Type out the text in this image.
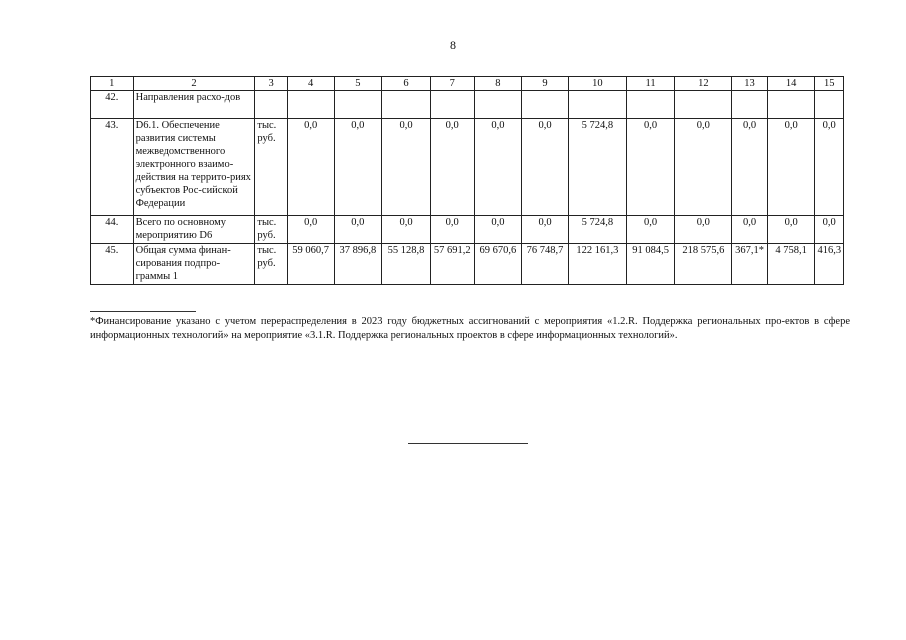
8
1	2	3	4	5	6	7	8	9	10	11	12	13	14	15
42.	Направления расхо-дов													
43.	D6.1. Обеспечение развития системы межведомственного электронного взаимо-действия на террито-риях субъектов Рос-сийской Федерации	тыс. руб.	0,0	0,0	0,0	0,0	0,0	0,0	5 724,8	0,0	0,0	0,0	0,0	0,0
44.	Всего по основному мероприятию D6	тыс. руб.	0,0	0,0	0,0	0,0	0,0	0,0	5 724,8	0,0	0,0	0,0	0,0	0,0
45.	Общая сумма финан-сирования подпро-граммы 1	тыс. руб.	59 060,7	37 896,8	55 128,8	57 691,2	69 670,6	76 748,7	122 161,3	91 084,5	218 575,6	367,1*	4 758,1	416,3
*Финансирование указано с учетом перераспределения в 2023 году бюджетных ассигнований с мероприятия «1.2.R. Поддержка региональных про-ектов в сфере информационных технологий» на мероприятие «3.1.R. Поддержка региональных проектов в сфере информационных технологий».
